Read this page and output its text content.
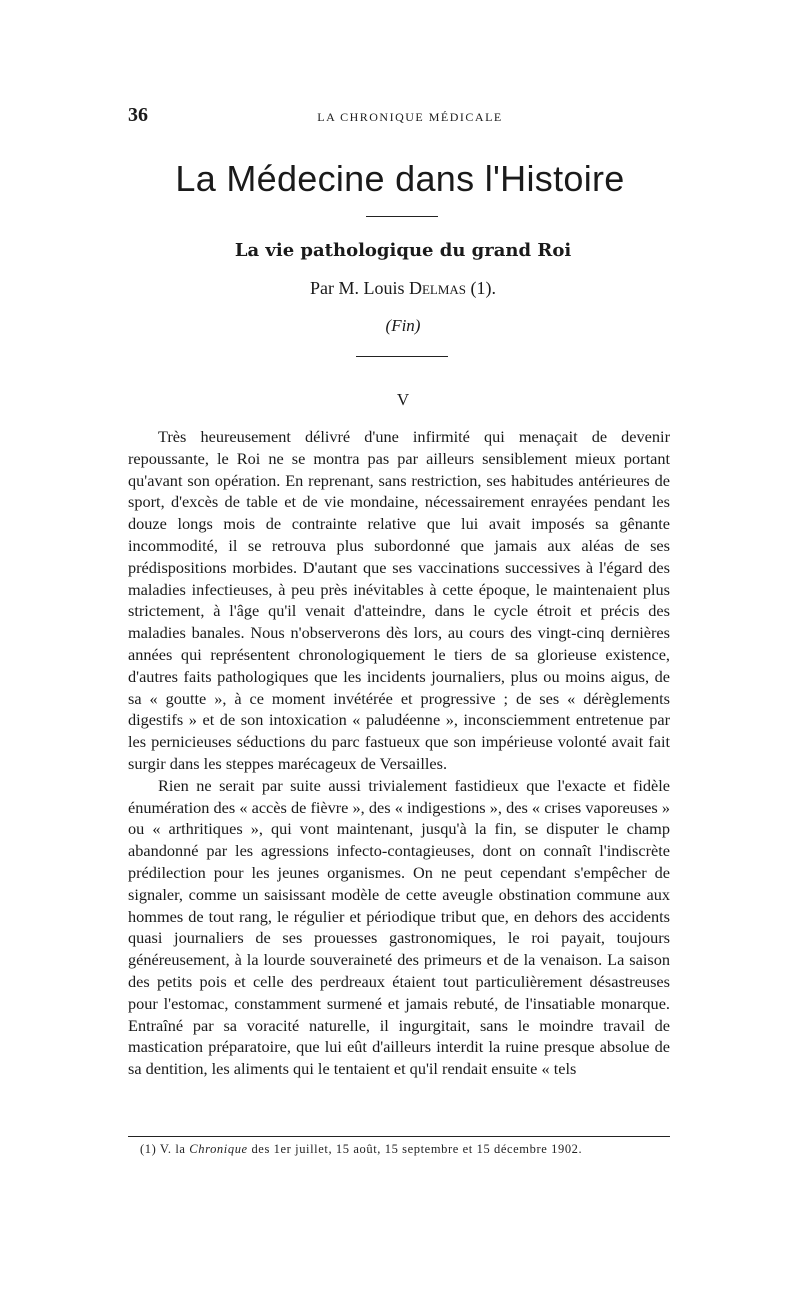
36	LA CHRONIQUE MÉDICALE
La Médecine dans l'Histoire
La vie pathologique du grand Roi
Par M. Louis Delmas (1).
(Fin)
V

Très heureusement délivré d'une infirmité qui menaçait de devenir repoussante, le Roi ne se montra pas par ailleurs sensiblement mieux portant qu'avant son opération. En reprenant, sans restriction, ses habitudes antérieures de sport, d'excès de table et de vie mondaine, nécessairement enrayées pendant les douze longs mois de contrainte relative que lui avait imposés sa gênante incommodité, il se retrouva plus subordonné que jamais aux aléas de ses prédispositions morbides. D'autant que ses vaccinations successives à l'égard des maladies infectieuses, à peu près inévitables à cette époque, le maintenaient plus strictement, à l'âge qu'il venait d'atteindre, dans le cycle étroit et précis des maladies banales. Nous n'observerons dès lors, au cours des vingt-cinq dernières années qui représentent chronologiquement le tiers de sa glorieuse existence, d'autres faits pathologiques que les incidents journaliers, plus ou moins aigus, de sa « goutte », à ce moment invétérée et progressive ; de ses « dérèglements digestifs » et de son intoxication « paludéenne », inconsciemment entretenue par les pernicieuses séductions du parc fastueux que son impérieuse volonté avait fait surgir dans les steppes marécageux de Versailles.

Rien ne serait par suite aussi trivialement fastidieux que l'exacte et fidèle énumération des « accès de fièvre », des « indigestions », des « crises vaporeuses » ou « arthritiques », qui vont maintenant, jusqu'à la fin, se disputer le champ abandonné par les agressions infecto-contagieuses, dont on connaît l'indiscrète prédilection pour les jeunes organismes. On ne peut cependant s'empêcher de signaler, comme un saisissant modèle de cette aveugle obstination commune aux hommes de tout rang, le régulier et périodique tribut que, en dehors des accidents quasi journaliers de ses prouesses gastronomiques, le roi payait, toujours généreusement, à la lourde souveraineté des primeurs et de la venaison. La saison des petits pois et celle des perdreaux étaient tout particulièrement désastreuses pour l'estomac, constamment surmené et jamais rebuté, de l'insatiable monarque. Entraîné par sa voracité naturelle, il ingurgitait, sans le moindre travail de mastication préparatoire, que lui eût d'ailleurs interdit la ruine presque absolue de sa dentition, les aliments qui le tentaient et qu'il rendait ensuite « tels

(1) V. la Chronique des 1er juillet, 15 août, 15 septembre et 15 décembre 1902.
